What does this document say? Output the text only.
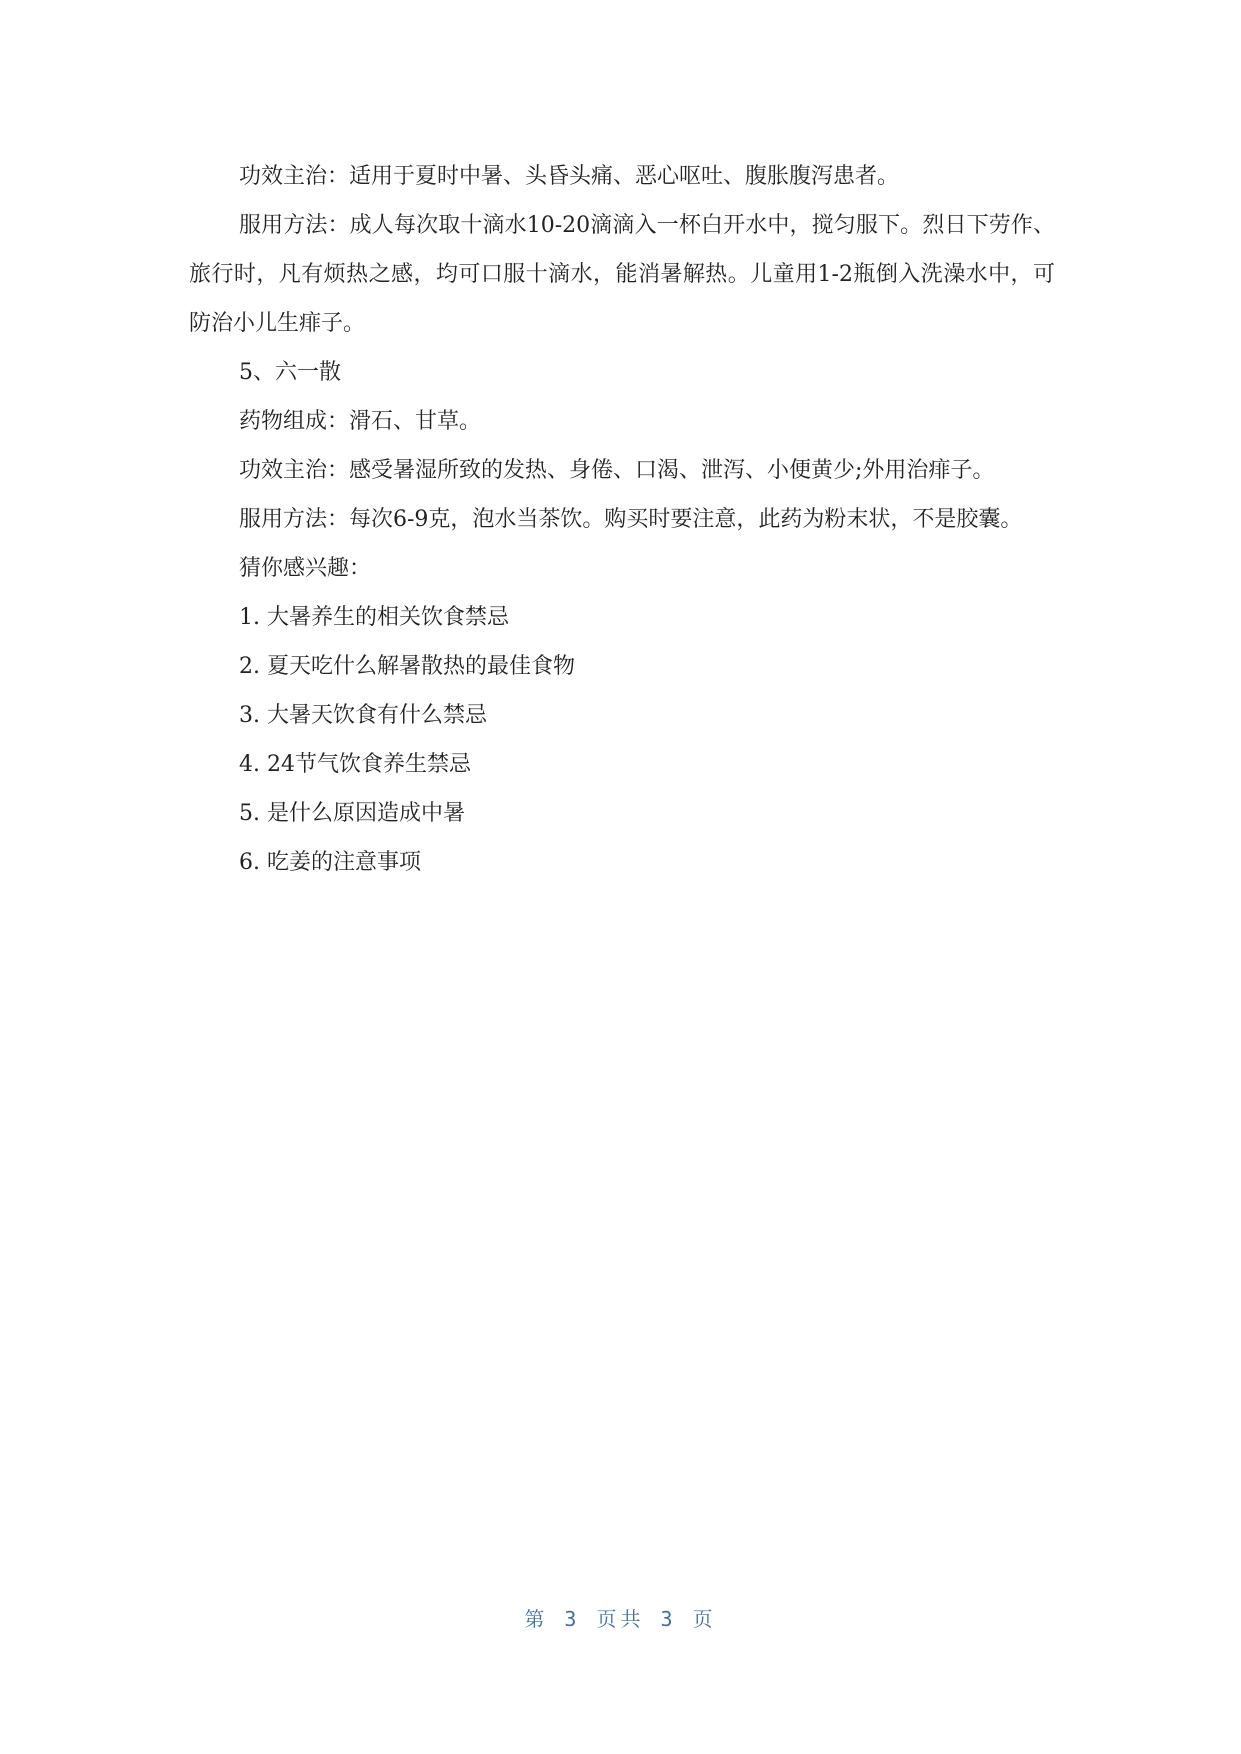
功效主治：适用于夏时中暑、头昏头痛、恶心呕吐、腹胀腹泻患者。

服用方法：成人每次取十滴水10-20滴滴入一杯白开水中，搅匀服下。烈日下劳作、旅行时，凡有烦热之感，均可口服十滴水，能消暑解热。儿童用1-2瓶倒入洗澡水中，可防治小儿生痱子。

5、六一散

药物组成：滑石、甘草。

功效主治：感受暑湿所致的发热、身倦、口渴、泄泻、小便黄少;外用治痱子。

服用方法：每次6-9克，泡水当茶饮。购买时要注意，此药为粉末状，不是胶囊。

猜你感兴趣：

1. 大暑养生的相关饮食禁忌

2. 夏天吃什么解暑散热的最佳食物

3. 大暑天饮食有什么禁忌

4. 24节气饮食养生禁忌

5. 是什么原因造成中暑

6. 吃姜的注意事项

第 3 页共 3 页
